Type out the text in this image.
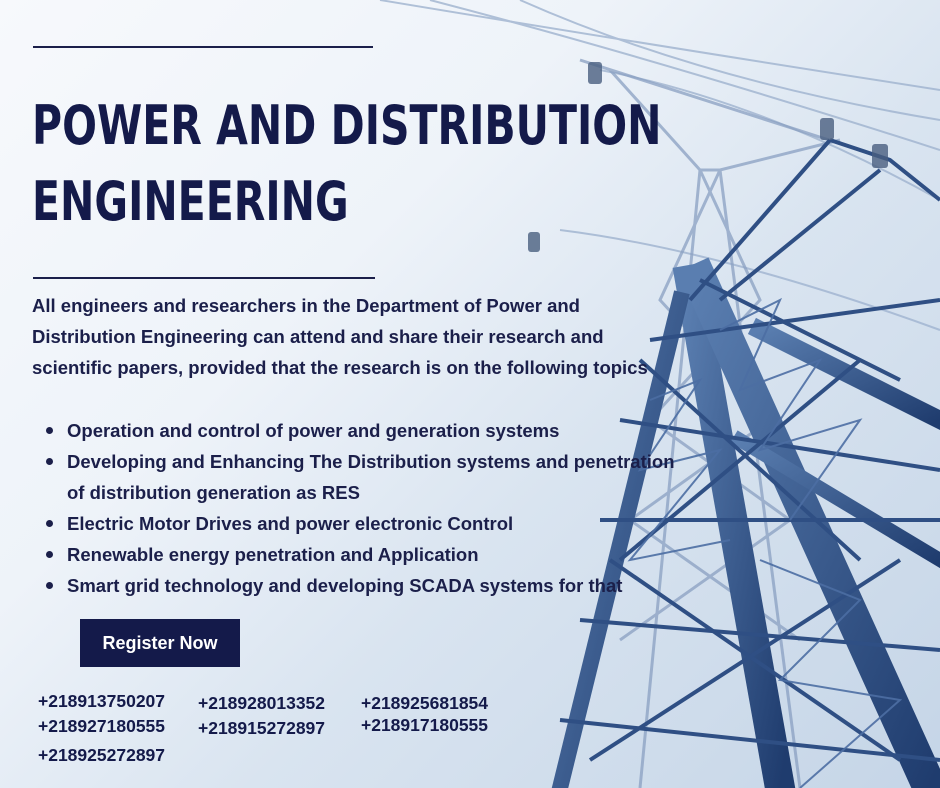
POWER AND DISTRIBUTION
ENGINEERING

All engineers and researchers in the Department of Power and Distribution Engineering can attend and share their research and scientific papers, provided that the research is on the following topics

Operation and control of power and generation systems
Developing and Enhancing The Distribution systems and penetration of distribution generation as RES
Electric Motor Drives and power electronic Control
Renewable energy penetration and Application
Smart grid technology and developing SCADA systems for that
Register Now
+218913750207
+218927180555
+218925272897
+218928013352
+218915272897
+218925681854
+218917180555
